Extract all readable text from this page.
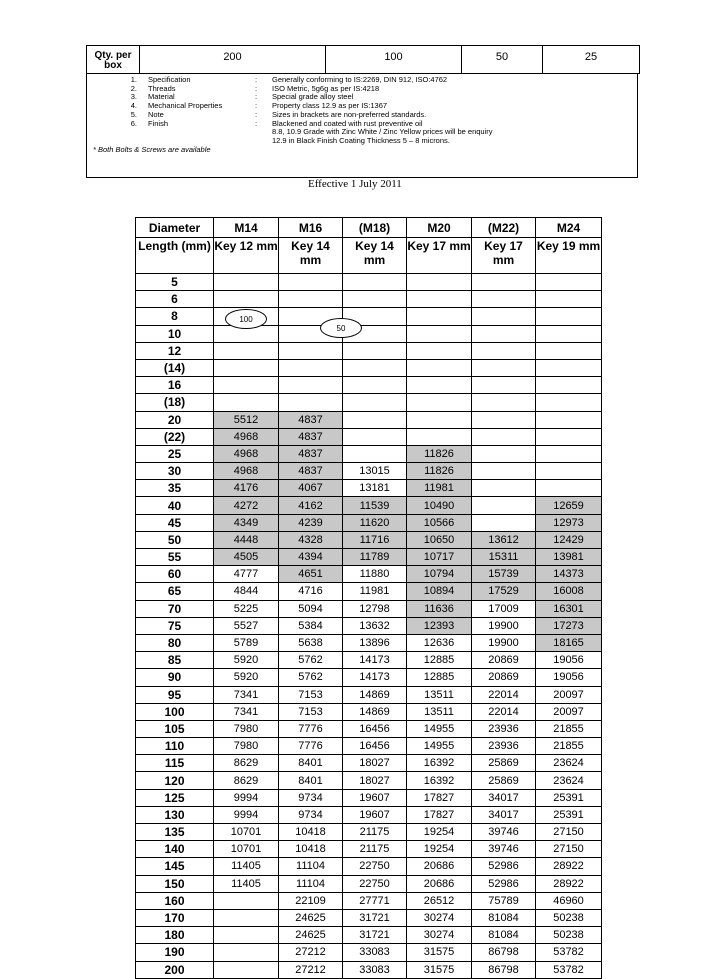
Qty. per box	200	100	50	25
1. Specification	: Generally conforming to IS:2269, DIN 912, ISO:4762
2. Threads	: ISO Metric, 5g6g as per IS:4218
3. Material	: Special grade alloy steel
4. Mechanical Properties	: Property class 12.9 as per IS:1367
5. Note	: Sizes in brackets are non-preferred standards.
6. Finish	: Blackened and coated with rust preventive oil
8.8, 10.9 Grade with Zinc White / Zinc Yellow prices will be enquiry
12.9 in Black Finish Coating Thickness 5 – 8 microns.
* Both Bolts & Screws are available
Effective 1 July 2011
Diameter	M14	M16	(M18)	M20	(M22)	M24
Length (mm)	Key 12 mm	Key 14 mm	Key 14 mm	Key 17 mm	Key 17 mm	Key 19 mm
5						
6						
8						
10						
12						
(14)						
16						
(18)						
20	5512	4837				
(22)	4968	4837				
25	4968	4837		11826		
30	4968	4837	13015	11826		
35	4176	4067	13181	11981		
40	4272	4162	11539	10490		12659
45	4349	4239	11620	10566		12973
50	4448	4328	11716	10650	13612	12429
55	4505	4394	11789	10717	15311	13981
60	4777	4651	11880	10794	15739	14373
65	4844	4716	11981	10894	17529	16008
70	5225	5094	12798	11636	17009	16301
75	5527	5384	13632	12393	19900	17273
80	5789	5638	13896	12636	19900	18165
85	5920	5762	14173	12885	20869	19056
90	5920	5762	14173	12885	20869	19056
95	7341	7153	14869	13511	22014	20097
100	7341	7153	14869	13511	22014	20097
105	7980	7776	16456	14955	23936	21855
110	7980	7776	16456	14955	23936	21855
115	8629	8401	18027	16392	25869	23624
120	8629	8401	18027	16392	25869	23624
125	9994	9734	19607	17827	34017	25391
130	9994	9734	19607	17827	34017	25391
135	10701	10418	21175	19254	39746	27150
140	10701	10418	21175	19254	39746	27150
145	11405	11104	22750	20686	52986	28922
150	11405	11104	22750	20686	52986	28922
160		22109	27771	26512	75789	46960
170		24625	31721	30274	81084	50238
180		24625	31721	30274	81084	50238
190		27212	33083	31575	86798	53782
200		27212	33083	31575	86798	53782
100
50
